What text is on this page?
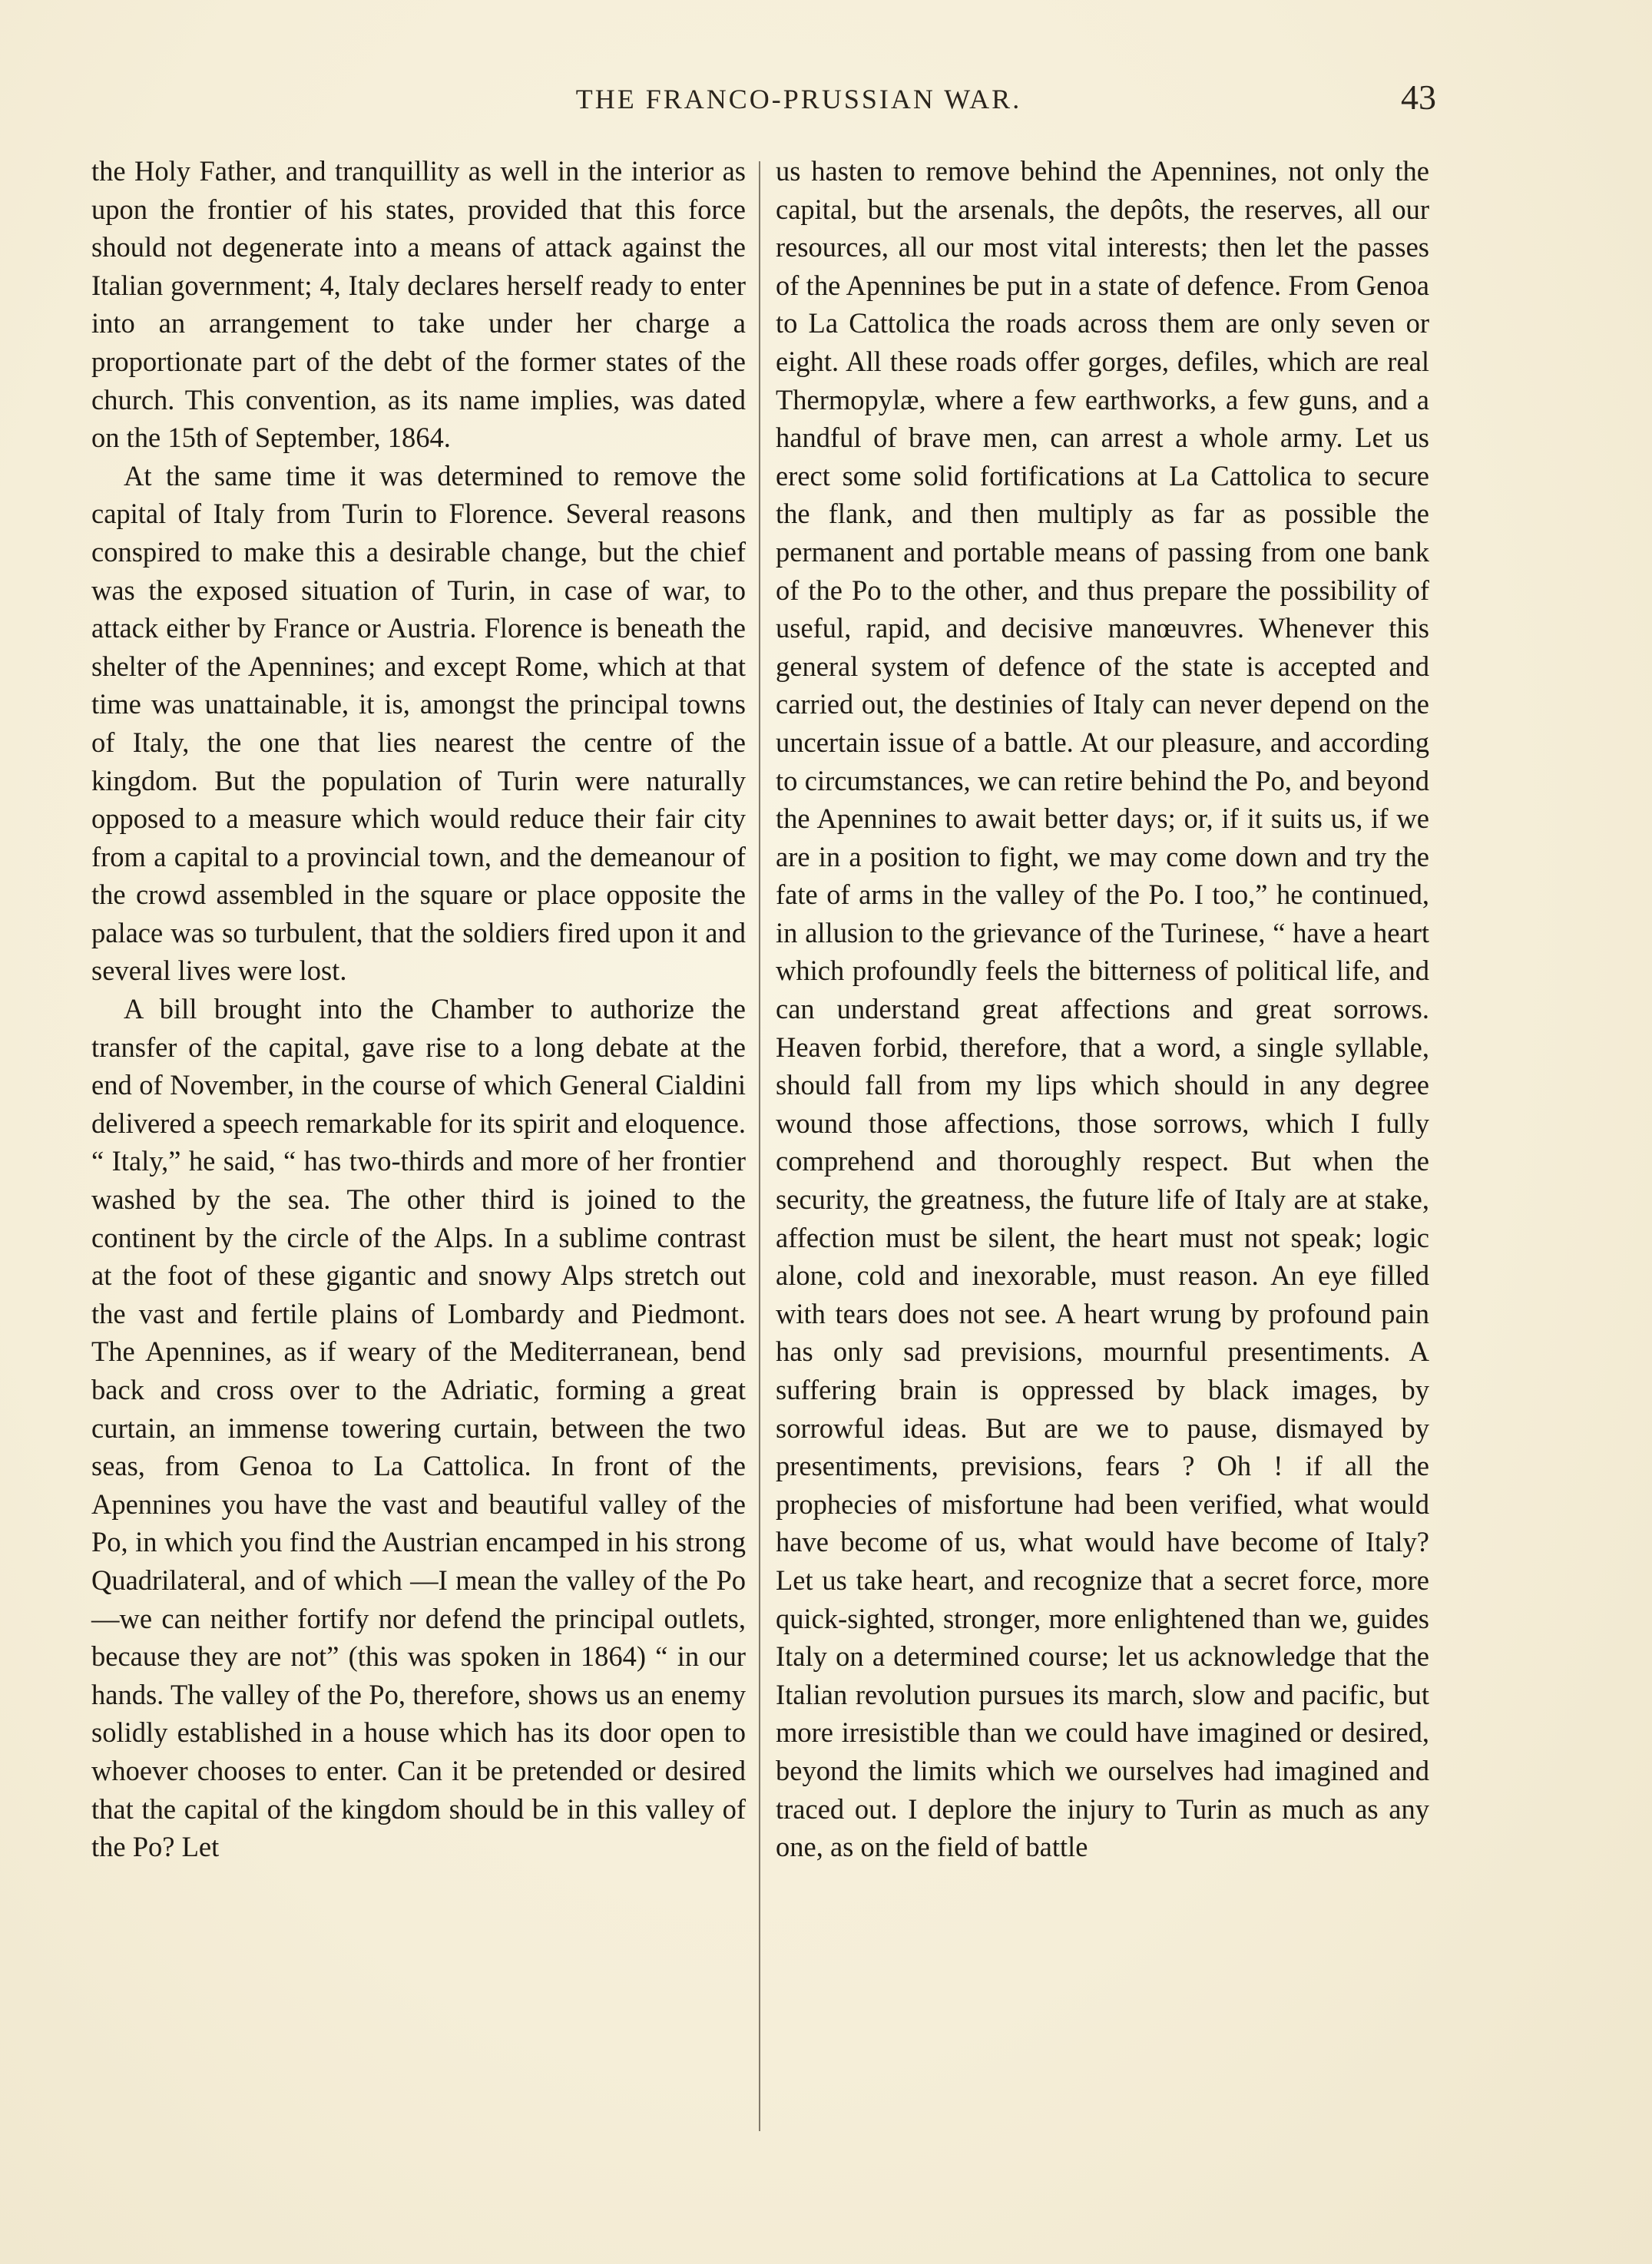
THE FRANCO-PRUSSIAN WAR.	43

the Holy Father, and tranquillity as well in the interior as upon the frontier of his states, provided that this force should not degenerate into a means of attack against the Italian government; 4, Italy declares herself ready to enter into an arrangement to take under her charge a proportionate part of the debt of the former states of the church. This convention, as its name implies, was dated on the 15th of September, 1864.

At the same time it was determined to remove the capital of Italy from Turin to Florence. Several reasons conspired to make this a desirable change, but the chief was the exposed situation of Turin, in case of war, to attack either by France or Austria. Florence is beneath the shelter of the Apennines; and except Rome, which at that time was unattainable, it is, amongst the principal towns of Italy, the one that lies nearest the centre of the kingdom. But the population of Turin were naturally opposed to a measure which would reduce their fair city from a capital to a provincial town, and the demeanour of the crowd assembled in the square or place opposite the palace was so turbulent, that the soldiers fired upon it and several lives were lost.

A bill brought into the Chamber to authorize the transfer of the capital, gave rise to a long debate at the end of November, in the course of which General Cialdini delivered a speech remarkable for its spirit and eloquence. “ Italy,” he said, “ has two-thirds and more of her frontier washed by the sea. The other third is joined to the continent by the circle of the Alps. In a sublime contrast at the foot of these gigantic and snowy Alps stretch out the vast and fertile plains of Lombardy and Piedmont. The Apennines, as if weary of the Mediterranean, bend back and cross over to the Adriatic, forming a great curtain, an immense towering curtain, between the two seas, from Genoa to La Cattolica. In front of the Apennines you have the vast and beautiful valley of the Po, in which you find the Austrian encamped in his strong Quadrilateral, and of which —I mean the valley of the Po—we can neither fortify nor defend the principal outlets, because they are not” (this was spoken in 1864) “ in our hands. The valley of the Po, therefore, shows us an enemy solidly established in a house which has its door open to whoever chooses to enter. Can it be pretended or desired that the capital of the kingdom should be in this valley of the Po? Let

us hasten to remove behind the Apennines, not only the capital, but the arsenals, the depôts, the reserves, all our resources, all our most vital interests; then let the passes of the Apennines be put in a state of defence. From Genoa to La Cattolica the roads across them are only seven or eight. All these roads offer gorges, defiles, which are real Thermopylæ, where a few earthworks, a few guns, and a handful of brave men, can arrest a whole army. Let us erect some solid fortifications at La Cattolica to secure the flank, and then multiply as far as possible the permanent and portable means of passing from one bank of the Po to the other, and thus prepare the possibility of useful, rapid, and decisive manœuvres. Whenever this general system of defence of the state is accepted and carried out, the destinies of Italy can never depend on the uncertain issue of a battle. At our pleasure, and according to circumstances, we can retire behind the Po, and beyond the Apennines to await better days; or, if it suits us, if we are in a position to fight, we may come down and try the fate of arms in the valley of the Po. I too,” he continued, in allusion to the grievance of the Turinese, “ have a heart which profoundly feels the bitterness of political life, and can understand great affections and great sorrows. Heaven forbid, therefore, that a word, a single syllable, should fall from my lips which should in any degree wound those affections, those sorrows, which I fully comprehend and thoroughly respect. But when the security, the greatness, the future life of Italy are at stake, affection must be silent, the heart must not speak; logic alone, cold and inexorable, must reason. An eye filled with tears does not see. A heart wrung by profound pain has only sad previsions, mournful presentiments. A suffering brain is oppressed by black images, by sorrowful ideas. But are we to pause, dismayed by presentiments, previsions, fears ? Oh ! if all the prophecies of misfortune had been verified, what would have become of us, what would have become of Italy? Let us take heart, and recognize that a secret force, more quick-sighted, stronger, more enlightened than we, guides Italy on a determined course; let us acknowledge that the Italian revolution pursues its march, slow and pacific, but more irresistible than we could have imagined or desired, beyond the limits which we ourselves had imagined and traced out. I deplore the injury to Turin as much as any one, as on the field of battle
